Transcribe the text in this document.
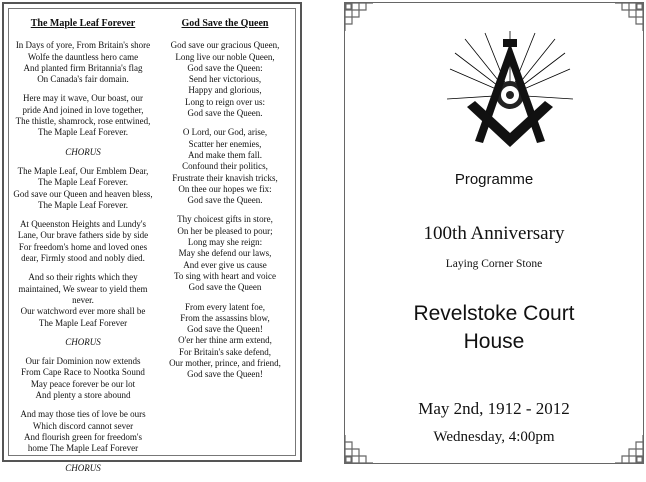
The Maple Leaf Forever
In Days of yore, From Britain's shore
Wolfe the dauntless hero came
And planted firm Britannia's flag
On Canada's fair domain.
Here may it wave, Our boast, our
pride And joined in love together,
The thistle, shamrock, rose entwined,
The Maple Leaf Forever.
CHORUS
The Maple Leaf, Our Emblem Dear,
The Maple Leaf Forever.
God save our Queen and heaven bless,
The Maple Leaf Forever.
At Queenston Heights and Lundy's
Lane, Our brave fathers side by side
For freedom's home and loved ones
dear, Firmly stood and nobly died.
And so their rights which they
maintained, We swear to yield them
never.
Our watchword ever more shall be
The Maple Leaf Forever
CHORUS
Our fair Dominion now extends
From Cape Race to Nootka Sound
May peace forever be our lot
And plenty a store abound
And may those ties of love be ours
Which discord cannot sever
And flourish green for freedom's
home The Maple Leaf Forever
CHORUS
God Save the Queen
God save our gracious Queen,
Long live our noble Queen,
God save the Queen:
Send her victorious,
Happy and glorious,
Long to reign over us:
God save the Queen.
O Lord, our God, arise,
Scatter her enemies,
And make them fall.
Confound their politics,
Frustrate their knavish tricks,
On thee our hopes we fix:
God save the Queen.
Thy choicest gifts in store,
On her be pleased to pour;
Long may she reign:
May she defend our laws,
And ever give us cause
To sing with heart and voice
God save the Queen
From every latent foe,
From the assassins blow,
God save the Queen!
O'er her thine arm extend,
For Britain's sake defend,
Our mother, prince, and friend,
God save the Queen!
Programme
100th Anniversary
Laying Corner Stone
Revelstoke Court
House
May 2nd, 1912 - 2012
Wednesday, 4:00pm
